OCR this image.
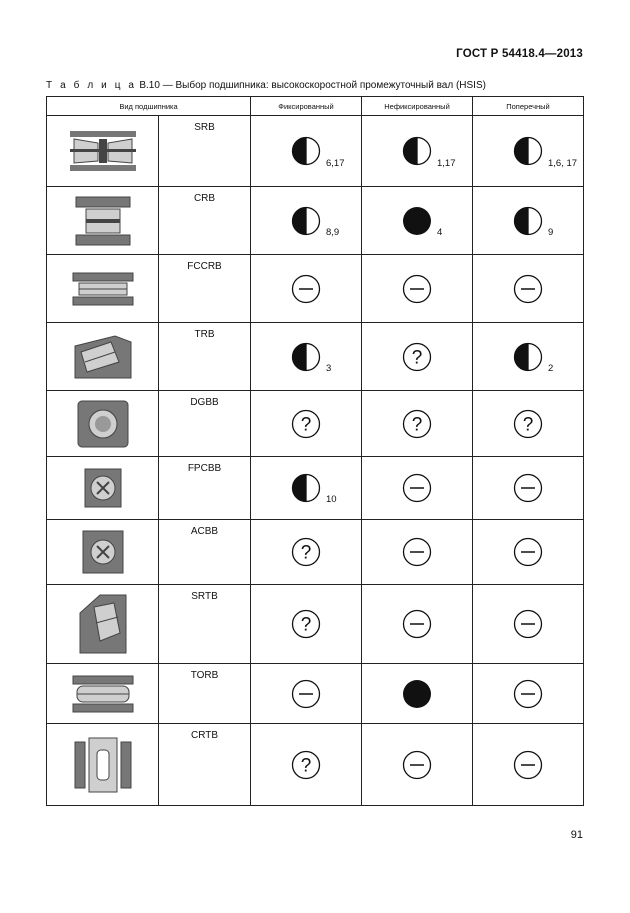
ГОСТ Р 54418.4—2013
Т а б л и ц а В.10 — Выбор подшипника: высокоскоростной промежуточный вал (HSIS)
Вид подшипника		Фиксированный	Нефиксированный	Поперечный

	SRB	6,17	1,17	1,6, 17

	CRB	8,9	4	9

	FCCRB	

	TRB	3	?	2

	DGBB	?	?	?

	FPCBB	10

	ACBB	?

	SRTB	?

	TORB	

	CRTB	?

91
